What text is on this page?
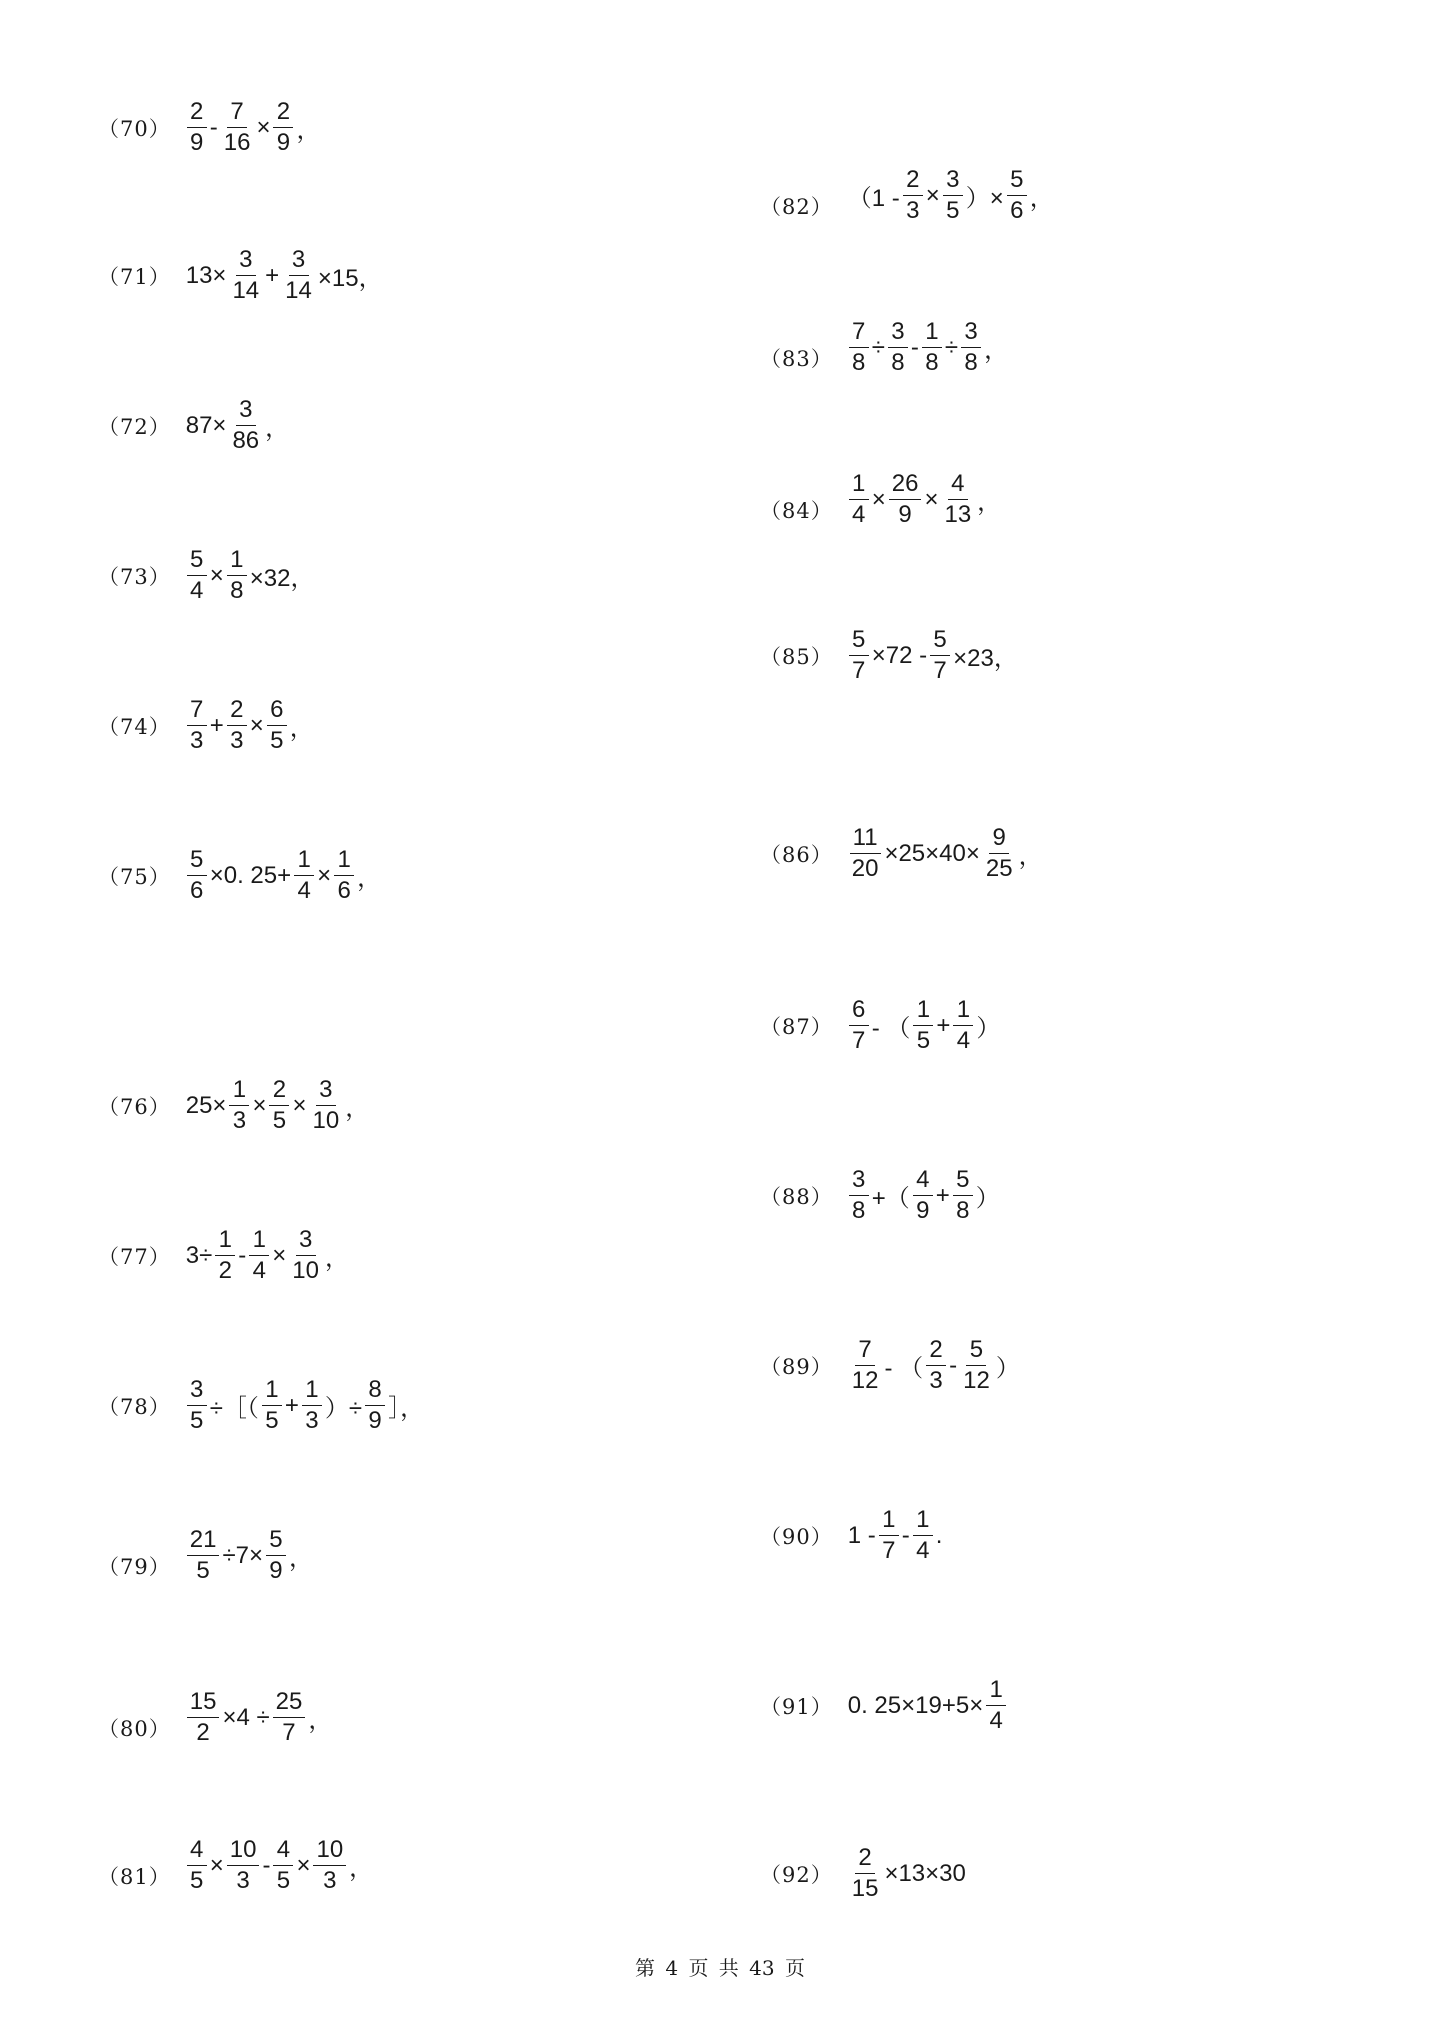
$(70) \frac{2}{9} - \frac{7}{16} \times \frac{2}{9}$ ，
（71） $13\times \frac{3}{14} + \frac{3}{14} \times 15$，
（72） $87\times \frac{3}{86}$ ，
$(73) \frac{5}{4} \times \frac{1}{8} \times 32$，
$(74) \frac{7}{3} + \frac{2}{3} \times \frac{6}{5}$ ，
$(75) \frac{5}{6} \times 0$. $25+ \frac{1}{4} \times \frac{1}{6}$ ，
（76） $25\times \frac{1}{3} \times \frac{2}{5} \times \frac{3}{10}$ ，
（77） $3\div \frac{1}{2} - \frac{1}{4} \times \frac{3}{10}$ ，
$(78) \frac{3}{5}$ ÷［（ $\frac{1}{5} + \frac{1}{3}$ ）÷ $\frac{8}{9}$ ］，
$(79) \frac{21}{5} \div 7\times \frac{5}{9}$ ，
$(80) \frac{15}{2} \times 4 \div \frac{25}{7}$ ，
$(81) \frac{4}{5} \times \frac{10}{3} - \frac{4}{5} \times \frac{10}{3}$ ，
（82） （$1 - \frac{2}{3} \times \frac{3}{5}$ ）× $\frac{5}{6}$ ，
$(83) \frac{7}{8} \div \frac{3}{8} - \frac{1}{8} \div \frac{3}{8}$ ，
$(84) \frac{1}{4} \times \frac{26}{9} \times \frac{4}{13}$ ，
$(85) \frac{5}{7} \times 72 - \frac{5}{7} \times 23$，
$(86) \frac{11}{20} \times 25\times 40\times \frac{9}{25}$ ，
$(87) \frac{6}{7}$ - （ $\frac{1}{5} + \frac{1}{4}$ ）
$(88) \frac{3}{8}$ +（ $\frac{4}{9} + \frac{5}{8}$ ）
$(89) \frac{7}{12}$ - （ $\frac{2}{3} - \frac{5}{12}$ ）
（90） $1 - \frac{1}{7} - \frac{1}{4}$ .
（91） 0. $25\times 19+5\times \frac{1}{4}$
$(92) \frac{2}{15} \times 13\times 30$
第 4 页 共 43 页
